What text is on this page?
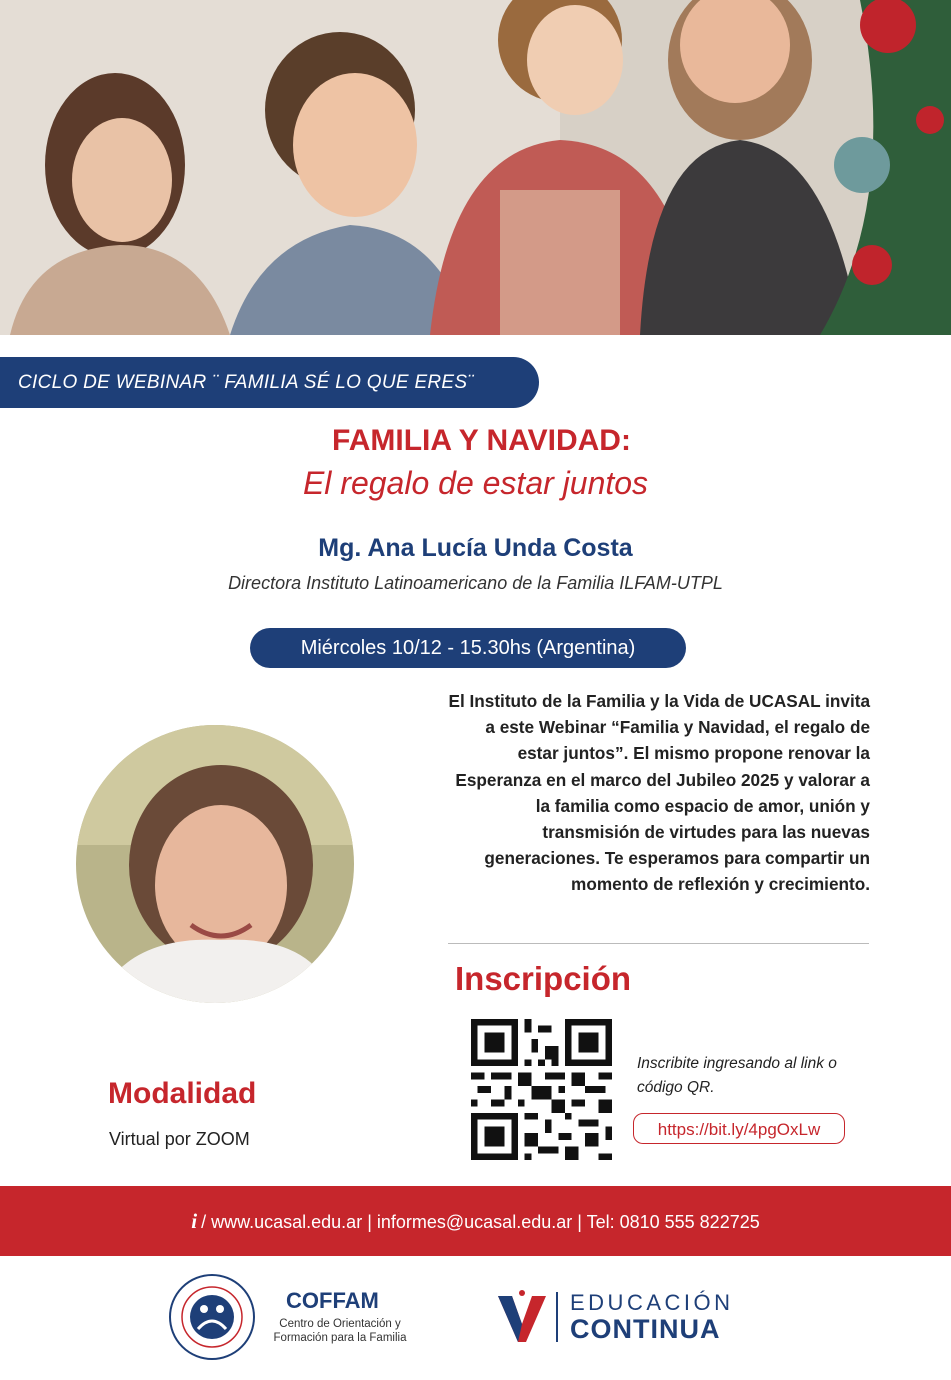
CICLO DE WEBINAR ¨ FAMILIA SÉ LO QUE ERES¨
FAMILIA Y NAVIDAD:
El regalo de estar juntos
Mg. Ana Lucía Unda Costa
Directora Instituto Latinoamericano de la Familia ILFAM-UTPL
Miércoles 10/12 - 15.30hs (Argentina)
El Instituto de la Familia y la Vida de UCASAL invita a este Webinar “Familia y Navidad, el regalo de estar juntos”. El mismo propone renovar la Esperanza en el marco del Jubileo 2025 y valorar a la familia como espacio de amor, unión y transmisión de virtudes para las nuevas generaciones. Te esperamos para compartir un momento de reflexión y crecimiento.
Inscripción
Inscribite ingresando al link o código QR.
https://bit.ly/4pgOxLw
Modalidad
Virtual por ZOOM
i / www.ucasal.edu.ar | informes@ucasal.edu.ar | Tel: 0810 555 822725
COFFAM
Centro de Orientación y Formación para la Familia
EDUCACIÓN
CONTINUA
